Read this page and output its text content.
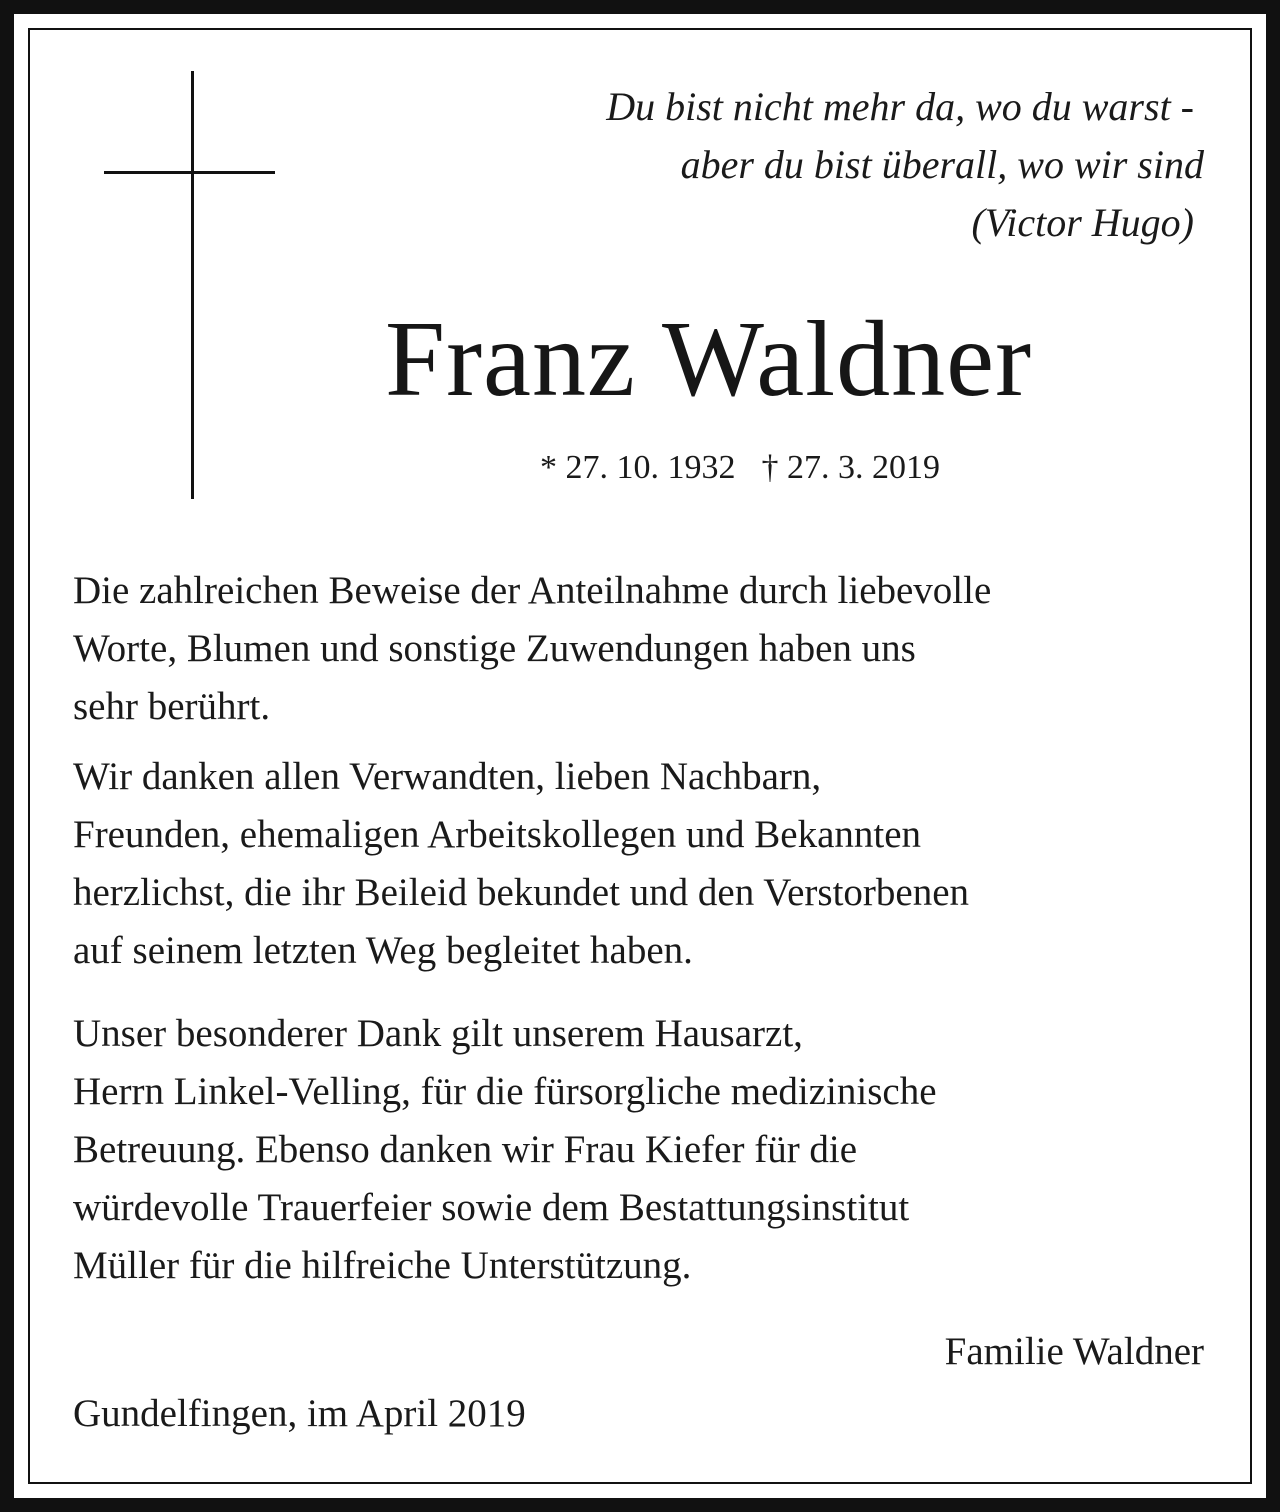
Du bist nicht mehr da, wo du warst -
aber du bist überall, wo wir sind
(Victor Hugo)
Franz Waldner
* 27. 10. 1932 † 27. 3. 2019
Die zahlreichen Beweise der Anteilnahme durch liebevolle
Worte, Blumen und sonstige Zuwendungen haben uns
sehr berührt.
Wir danken allen Verwandten, lieben Nachbarn,
Freunden, ehemaligen Arbeitskollegen und Bekannten
herzlichst, die ihr Beileid bekundet und den Verstorbenen
auf seinem letzten Weg begleitet haben.
Unser besonderer Dank gilt unserem Hausarzt,
Herrn Linkel-Velling, für die fürsorgliche medizinische
Betreuung. Ebenso danken wir Frau Kiefer für die
würdevolle Trauerfeier sowie dem Bestattungsinstitut
Müller für die hilfreiche Unterstützung.
Familie Waldner
Gundelfingen, im April 2019
